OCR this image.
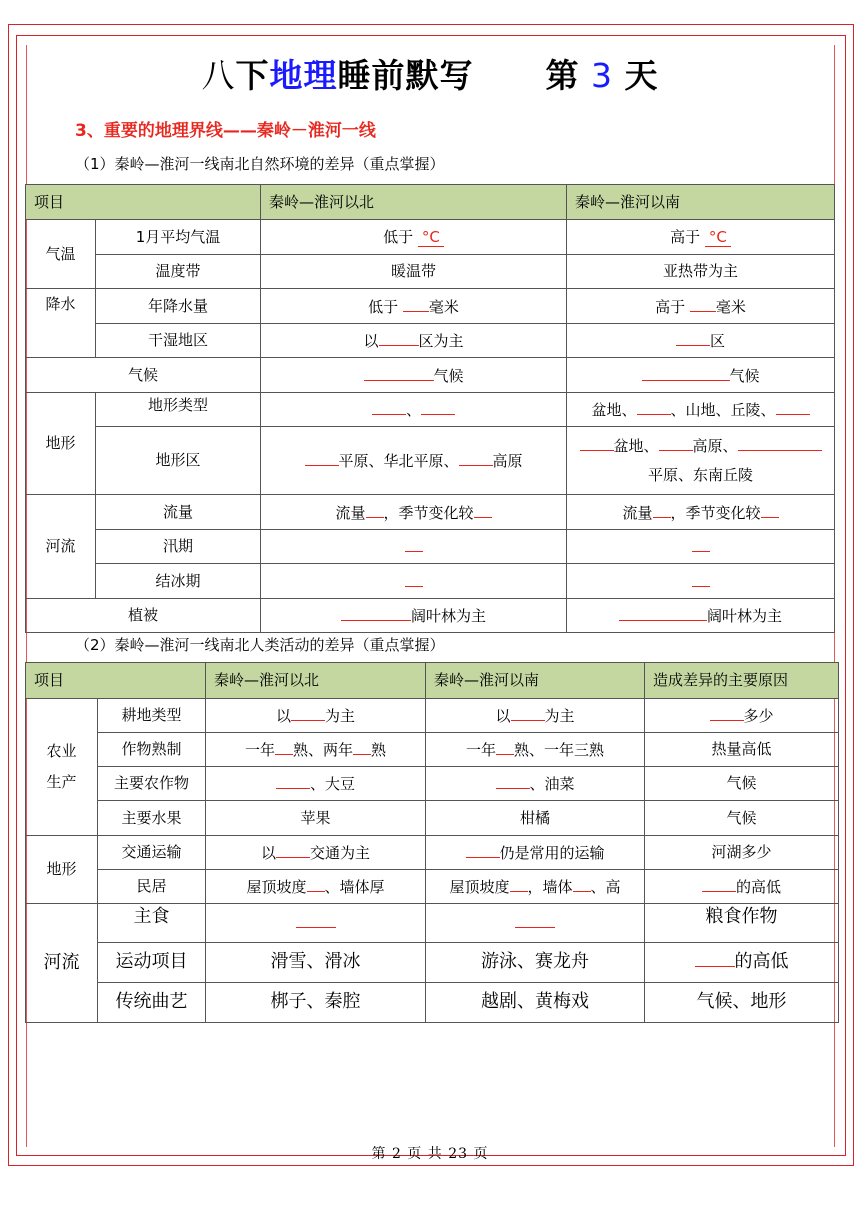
八下地理睡前默写 第 3 天
3、重要的地理界线——秦岭－淮河一线
（1）秦岭—淮河一线南北自然环境的差异（重点掌握）
项目		秦岭—淮河以北	秦岭—淮河以南
气温	1月平均气温	低于 °C	高于 °C
	温度带	暖温带	亚热带为主
降水	年降水量	低于 毫米	高于 毫米
	干湿地区	以 区为主	区
气候		气候	气候
地形	地形类型	、	盆地、 、山地、丘陵、
	地形区	平原、华北平原、 高原	盆地、 高原、
平原、东南丘陵
河流	流量	流量 ，季节变化较	流量 ，季节变化较
	汛期		
	结冰期		
植被		阔叶林为主	阔叶林为主
（2）秦岭—淮河一线南北人类活动的差异（重点掌握）
项目		秦岭—淮河以北	秦岭—淮河以南	造成差异的主要原因
农业
生产	耕地类型	以 为主	以 为主	多少
	作物熟制	一年 熟、两年 熟	一年 熟、一年三熟	热量高低
	主要农作物	、大豆	、油菜	气候
	主要水果	苹果	柑橘	气候
地形	交通运输	以 交通为主	仍是常用的运输	河湖多少
	民居	屋顶坡度 、墙体厚	屋顶坡度 ，墙体 、高	的高低
河流	主食			粮食作物
	运动项目	滑雪、滑冰	游泳、赛龙舟	的高低
	传统曲艺	梆子、秦腔	越剧、黄梅戏	气候、地形
第 2 页 共 23 页
